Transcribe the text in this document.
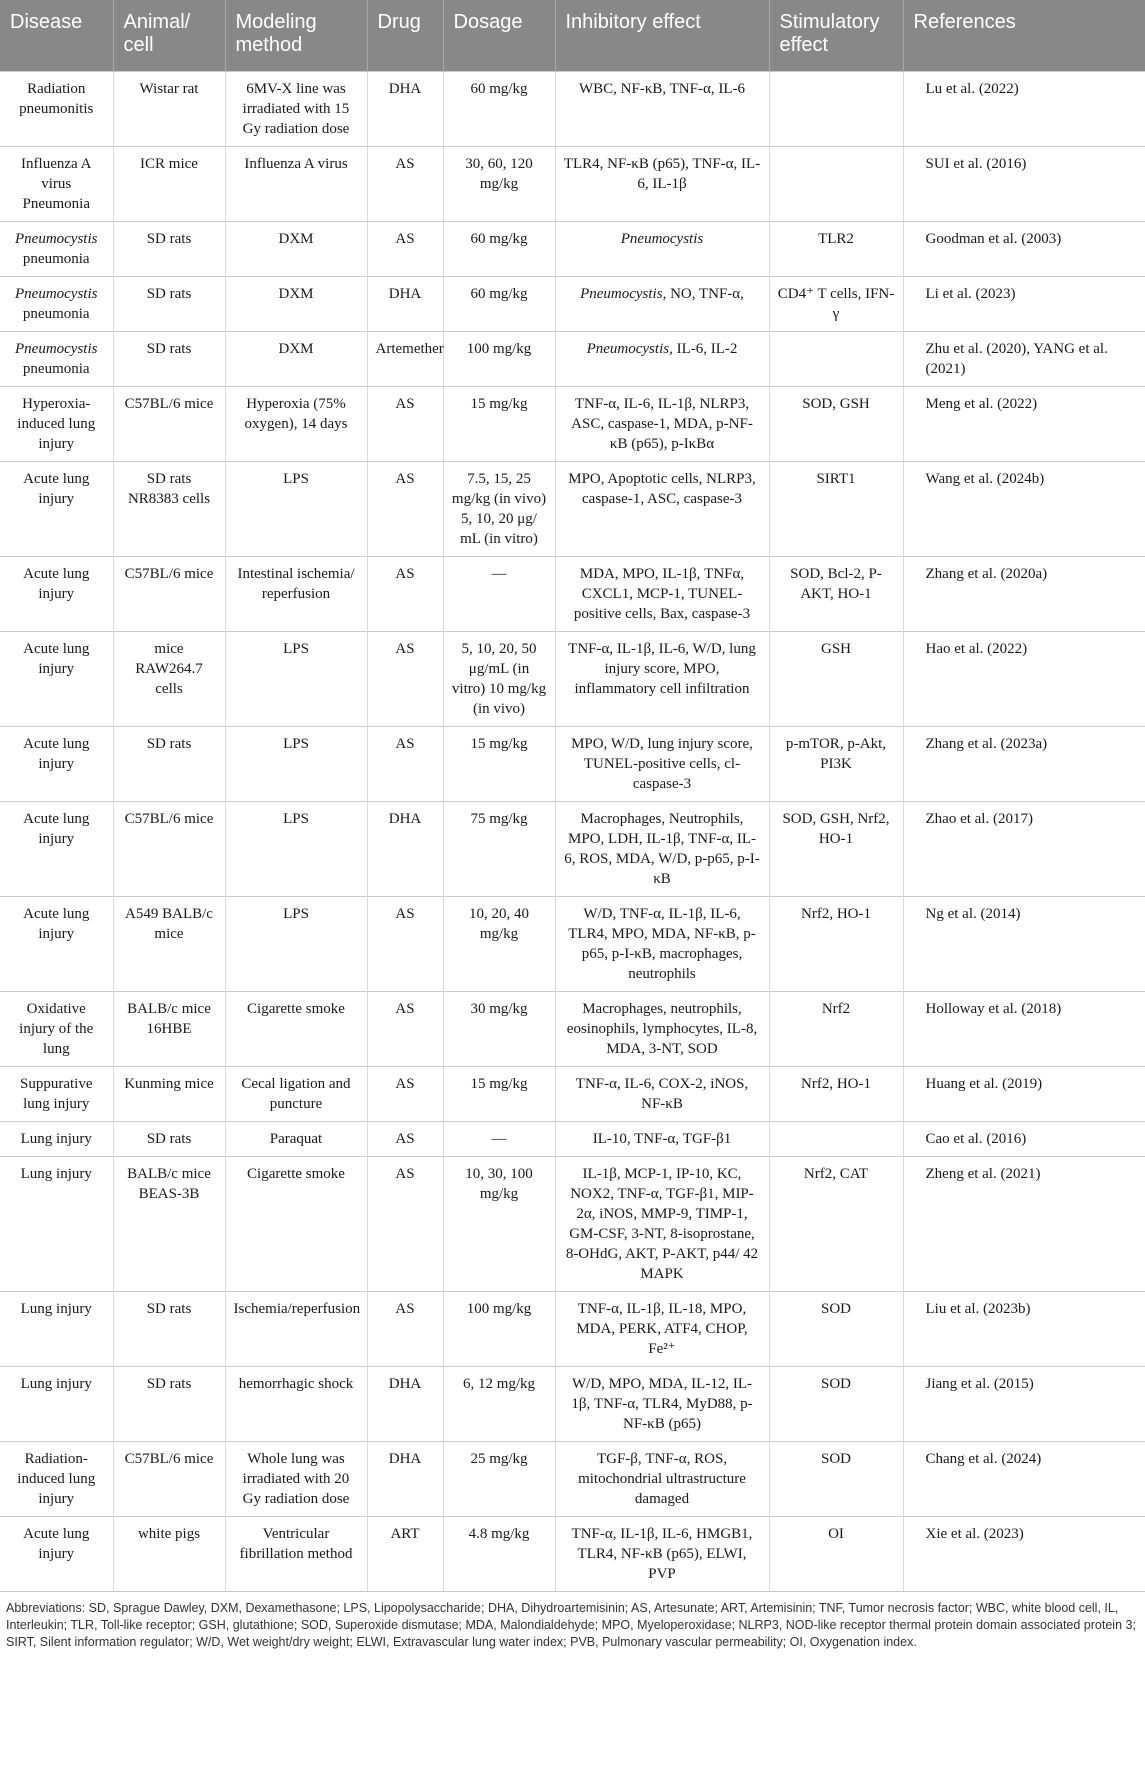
Disease	Animal/ cell	Modeling method	Drug	Dosage	Inhibitory effect	Stimulatory effect	References
Radiation pneumonitis	Wistar rat	6MV-X line was irradiated with 15 Gy radiation dose	DHA	60 mg/kg	WBC, NF-κB, TNF-α, IL-6		Lu et al. (2022)
Influenza A virus Pneumonia	ICR mice	Influenza A virus	AS	30, 60, 120 mg/kg	TLR4, NF-κB (p65), TNF-α, IL-6, IL-1β		SUI et al. (2016)
Pneumocystis pneumonia	SD rats	DXM	AS	60 mg/kg	Pneumocystis	TLR2	Goodman et al. (2003)
Pneumocystis pneumonia	SD rats	DXM	DHA	60 mg/kg	Pneumocystis, NO, TNF-α,	CD4⁺ T cells, IFN-γ	Li et al. (2023)
Pneumocystis pneumonia	SD rats	DXM	Artemether	100 mg/kg	Pneumocystis, IL-6, IL-2		Zhu et al. (2020), YANG et al. (2021)
Hyperoxia-induced lung injury	C57BL/6 mice	Hyperoxia (75% oxygen), 14 days	AS	15 mg/kg	TNF-α, IL-6, IL-1β, NLRP3, ASC, caspase-1, MDA, p-NF-κB (p65), p-IκBα	SOD, GSH	Meng et al. (2022)
Acute lung injury	SD rats NR8383 cells	LPS	AS	7.5, 15, 25 mg/kg (in vivo) 5, 10, 20 μg/ mL (in vitro)	MPO, Apoptotic cells, NLRP3, caspase-1, ASC, caspase-3	SIRT1	Wang et al. (2024b)
Acute lung injury	C57BL/6 mice	Intestinal ischemia/ reperfusion	AS	—	MDA, MPO, IL-1β, TNFα, CXCL1, MCP-1, TUNEL-positive cells, Bax, caspase-3	SOD, Bcl-2, P-AKT, HO-1	Zhang et al. (2020a)
Acute lung injury	mice RAW264.7 cells	LPS	AS	5, 10, 20, 50 μg/mL (in vitro) 10 mg/kg (in vivo)	TNF-α, IL-1β, IL-6, W/D, lung injury score, MPO, inflammatory cell infiltration	GSH	Hao et al. (2022)
Acute lung injury	SD rats	LPS	AS	15 mg/kg	MPO, W/D, lung injury score, TUNEL-positive cells, cl-caspase-3	p-mTOR, p-Akt, PI3K	Zhang et al. (2023a)
Acute lung injury	C57BL/6 mice	LPS	DHA	75 mg/kg	Macrophages, Neutrophils, MPO, LDH, IL-1β, TNF-α, IL-6, ROS, MDA, W/D, p-p65, p-I-κB	SOD, GSH, Nrf2, HO-1	Zhao et al. (2017)
Acute lung injury	A549 BALB/c mice	LPS	AS	10, 20, 40 mg/kg	W/D, TNF-α, IL-1β, IL-6, TLR4, MPO, MDA, NF-κB, p-p65, p-I-κB, macrophages, neutrophils	Nrf2, HO-1	Ng et al. (2014)
Oxidative injury of the lung	BALB/c mice 16HBE	Cigarette smoke	AS	30 mg/kg	Macrophages, neutrophils, eosinophils, lymphocytes, IL-8, MDA, 3-NT, SOD	Nrf2	Holloway et al. (2018)
Suppurative lung injury	Kunming mice	Cecal ligation and puncture	AS	15 mg/kg	TNF-α, IL-6, COX-2, iNOS, NF-κB	Nrf2, HO-1	Huang et al. (2019)
Lung injury	SD rats	Paraquat	AS	—	IL-10, TNF-α, TGF-β1		Cao et al. (2016)
Lung injury	BALB/c mice BEAS-3B	Cigarette smoke	AS	10, 30, 100 mg/kg	IL-1β, MCP-1, IP-10, KC, NOX2, TNF-α, TGF-β1, MIP-2α, iNOS, MMP-9, TIMP-1, GM-CSF, 3-NT, 8-isoprostane, 8-OHdG, AKT, P-AKT, p44/ 42 MAPK	Nrf2, CAT	Zheng et al. (2021)
Lung injury	SD rats	Ischemia/reperfusion	AS	100 mg/kg	TNF-α, IL-1β, IL-18, MPO, MDA, PERK, ATF4, CHOP, Fe²⁺	SOD	Liu et al. (2023b)
Lung injury	SD rats	hemorrhagic shock	DHA	6, 12 mg/kg	W/D, MPO, MDA, IL-12, IL-1β, TNF-α, TLR4, MyD88, p-NF-κB (p65)	SOD	Jiang et al. (2015)
Radiation-induced lung injury	C57BL/6 mice	Whole lung was irradiated with 20 Gy radiation dose	DHA	25 mg/kg	TGF-β, TNF-α, ROS, mitochondrial ultrastructure damaged	SOD	Chang et al. (2024)
Acute lung injury	white pigs	Ventricular fibrillation method	ART	4.8 mg/kg	TNF-α, IL-1β, IL-6, HMGB1, TLR4, NF-κB (p65), ELWI, PVP	OI	Xie et al. (2023)
Abbreviations: SD, Sprague Dawley, DXM, Dexamethasone; LPS, Lipopolysaccharide; DHA, Dihydroartemisinin; AS, Artesunate; ART, Artemisinin; TNF, Tumor necrosis factor; WBC, white blood cell, IL, Interleukin; TLR, Toll-like receptor; GSH, glutathione; SOD, Superoxide dismutase; MDA, Malondialdehyde; MPO, Myeloperoxidase; NLRP3, NOD-like receptor thermal protein domain associated protein 3; SIRT, Silent information regulator; W/D, Wet weight/dry weight; ELWI, Extravascular lung water index; PVB, Pulmonary vascular permeability; OI, Oxygenation index.
